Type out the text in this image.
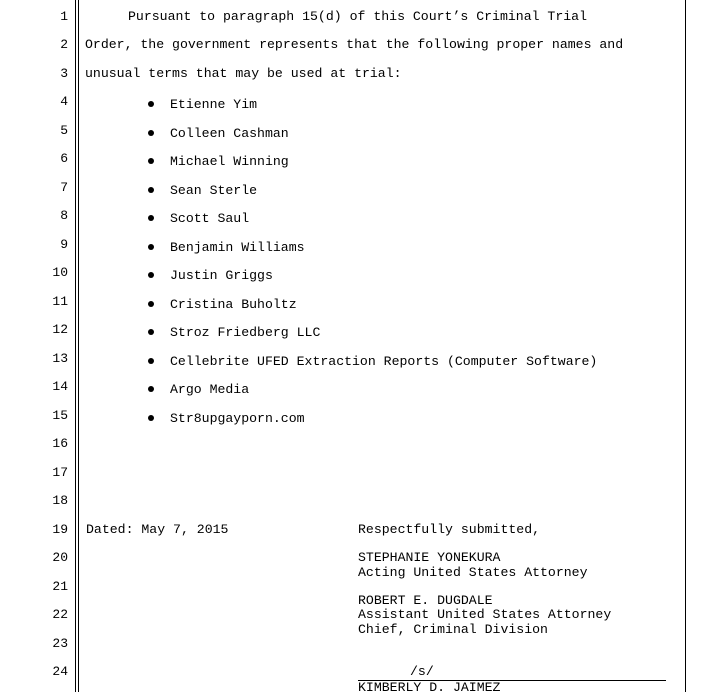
1
2
3
4
5
6
7
8
9
10
11
12
13
14
15
16
17
18
19
20
21
22
23
24
Pursuant to paragraph 15(d) of this Court’s Criminal Trial
Order, the government represents that the following proper names and
unusual terms that may be used at trial:
Etienne Yim
Colleen Cashman
Michael Winning
Sean Sterle
Scott Saul
Benjamin Williams
Justin Griggs
Cristina Buholtz
Stroz Friedberg LLC
Cellebrite UFED Extraction Reports (Computer Software)
Argo Media
Str8upgayporn.com
Dated: May 7, 2015	Respectfully submitted,
STEPHANIE YONEKURA
Acting United States Attorney
ROBERT E. DUGDALE
Assistant United States Attorney
Chief, Criminal Division
/s/
KIMBERLY D. JAIMEZ
